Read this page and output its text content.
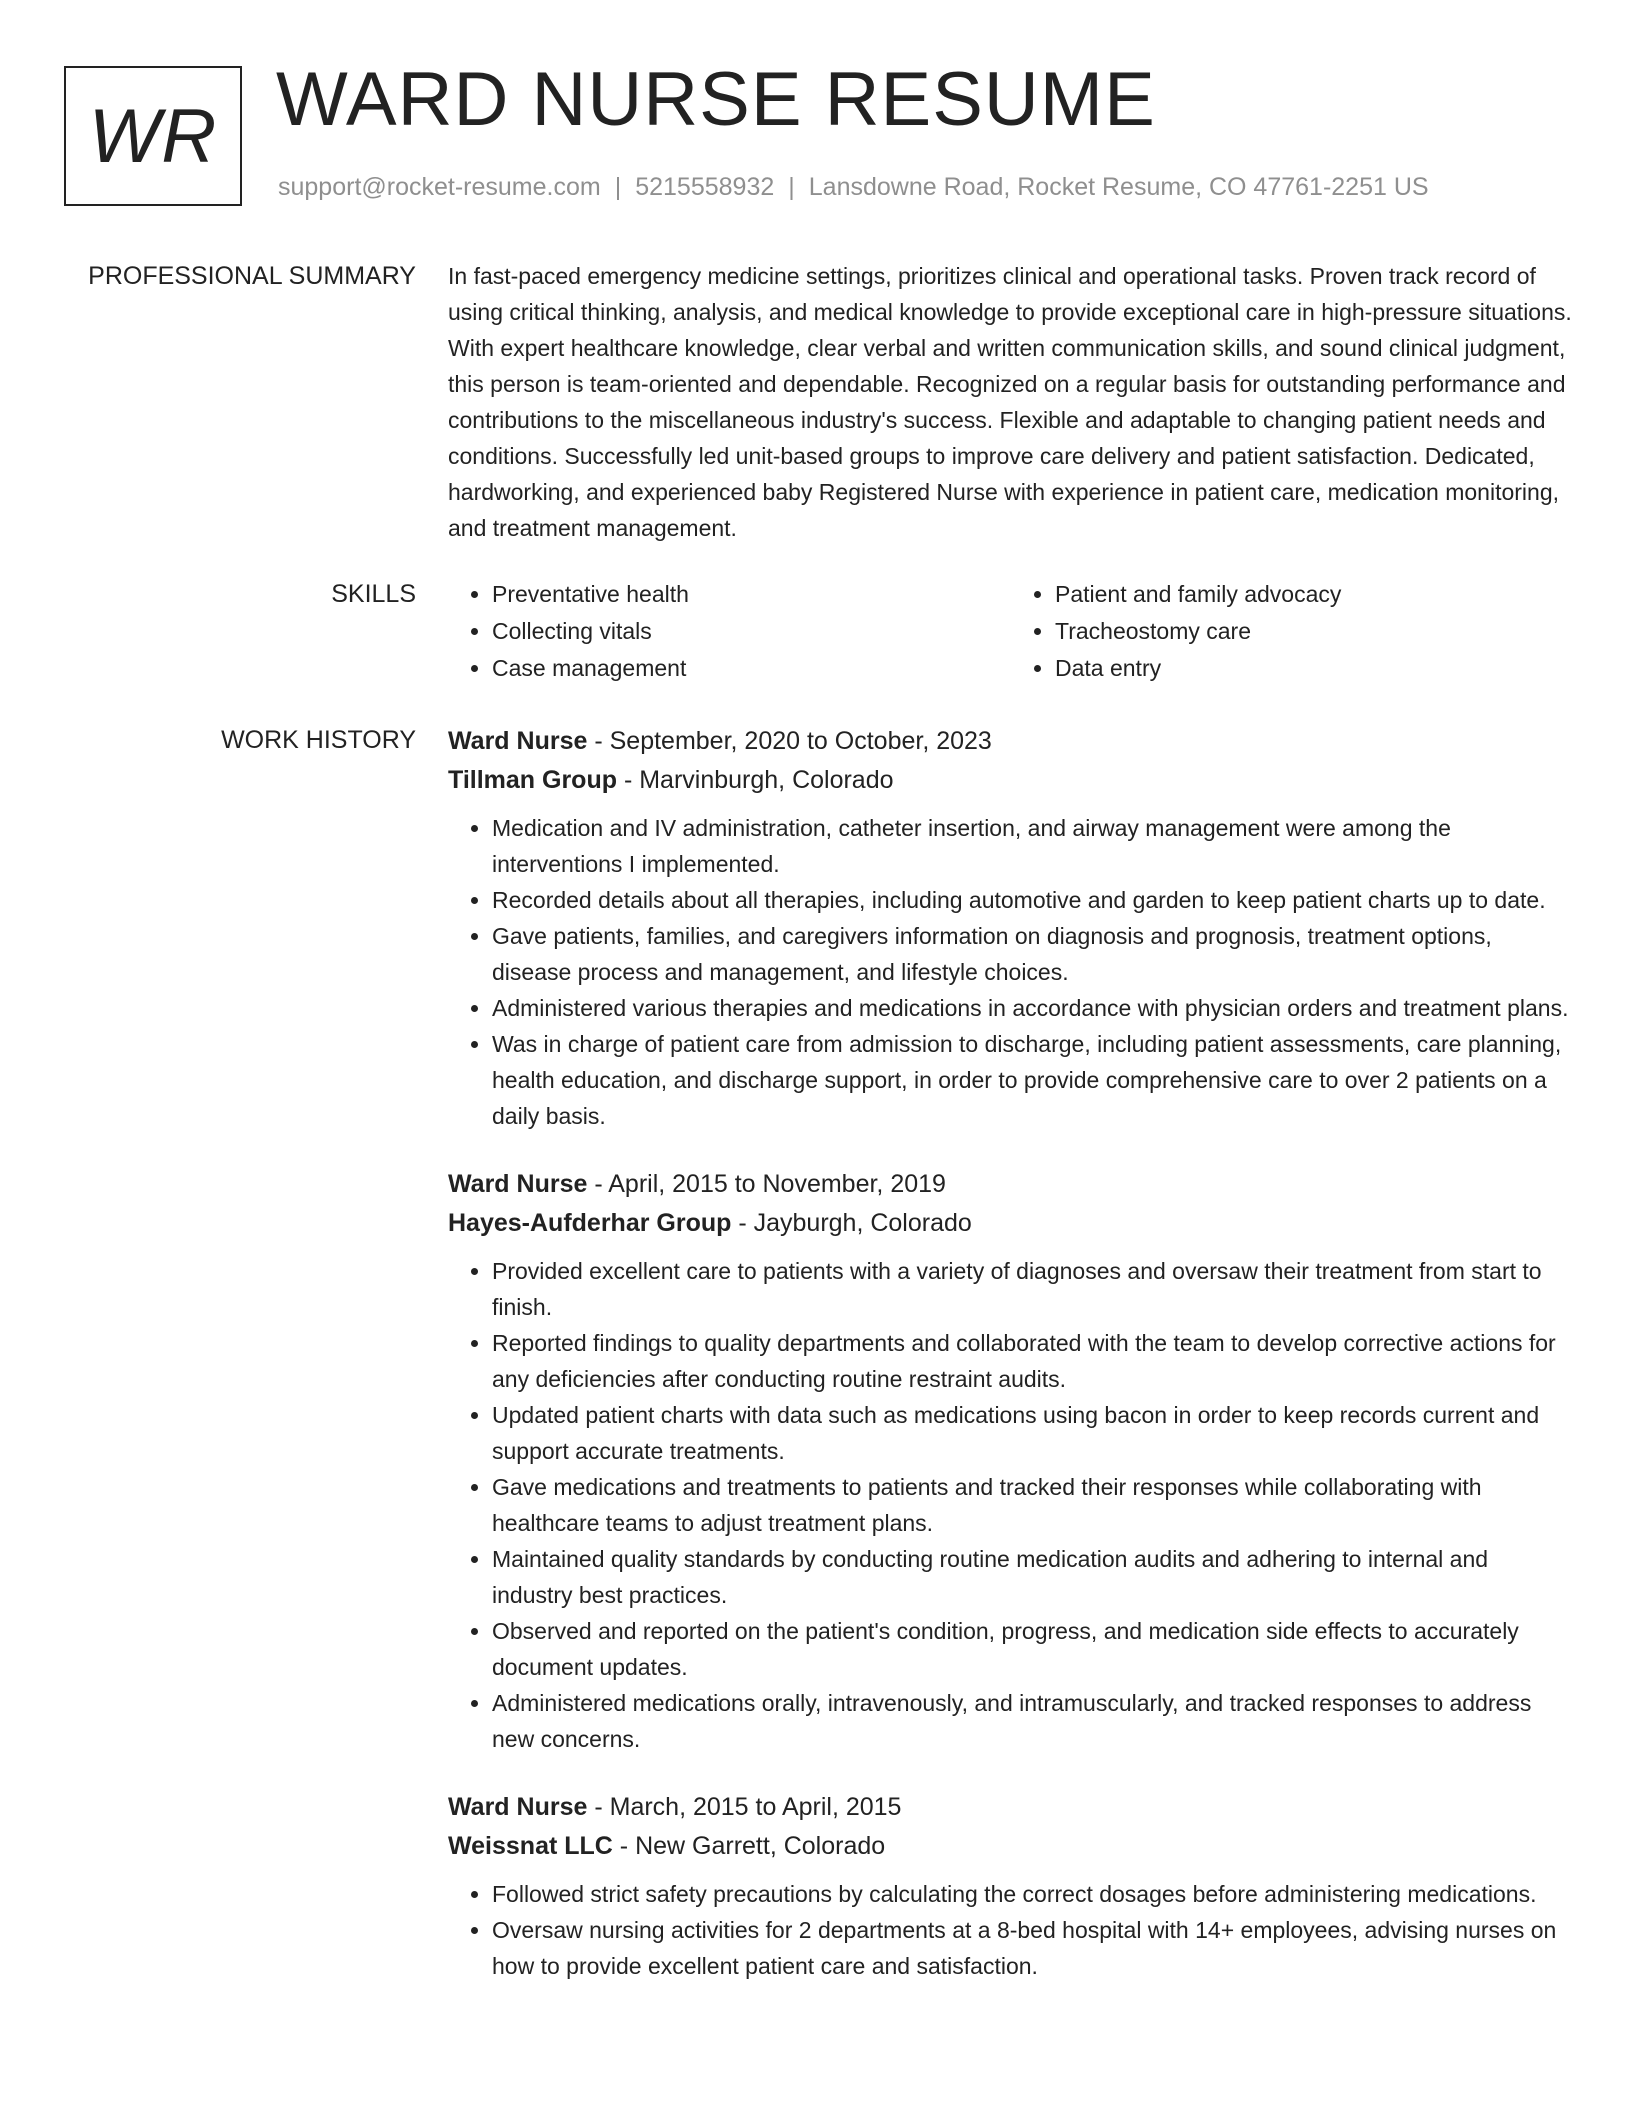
WR WARD NURSE RESUME
support@rocket-resume.com | 5215558932 | Lansdowne Road, Rocket Resume, CO 47761-2251 US
PROFESSIONAL SUMMARY In fast-paced emergency medicine settings, prioritizes clinical and operational tasks. Proven track record of using critical thinking, analysis, and medical knowledge to provide exceptional care in high-pressure situations. With expert healthcare knowledge, clear verbal and written communication skills, and sound clinical judgment, this person is team-oriented and dependable. Recognized on a regular basis for outstanding performance and contributions to the miscellaneous industry's success. Flexible and adaptable to changing patient needs and conditions. Successfully led unit-based groups to improve care delivery and patient satisfaction. Dedicated, hardworking, and experienced baby Registered Nurse with experience in patient care, medication monitoring, and treatment management.

SKILLS
•	Preventative health
• Collecting vitals
• Case management
• Patient and family advocacy
• Tracheostomy care
• Data entry
WORK HISTORY Ward Nurse - September, 2020 to October, 2023
Tillman Group - Marvinburgh, Colorado
• Medication and IV administration, catheter insertion, and airway management were among the interventions I implemented.
• Recorded details about all therapies, including automotive and garden to keep patient charts up to date.
• Gave patients, families, and caregivers information on diagnosis and prognosis, treatment options, disease process and management, and lifestyle choices.
• Administered various therapies and medications in accordance with physician orders and treatment plans.
• Was in charge of patient care from admission to discharge, including patient assessments, care planning, health education, and discharge support, in order to provide comprehensive care to over 2 patients on a daily basis.
Ward Nurse - April, 2015 to November, 2019
Hayes-Aufderhar Group - Jayburgh, Colorado
• Provided excellent care to patients with a variety of diagnoses and oversaw their treatment from start to finish.
• Reported findings to quality departments and collaborated with the team to develop corrective actions for any deficiencies after conducting routine restraint audits.
• Updated patient charts with data such as medications using bacon in order to keep records current and support accurate treatments.
• Gave medications and treatments to patients and tracked their responses while collaborating with healthcare teams to adjust treatment plans.
• Maintained quality standards by conducting routine medication audits and adhering to internal and industry best practices.
• Observed and reported on the patient's condition, progress, and medication side effects to accurately document updates.
• Administered medications orally, intravenously, and intramuscularly, and tracked responses to address new concerns.
Ward Nurse - March, 2015 to April, 2015
Weissnat LLC - New Garrett, Colorado
• Followed strict safety precautions by calculating the correct dosages before administering medications.
• Oversaw nursing activities for 2 departments at a 8-bed hospital with 14+ employees, advising nurses on how to provide excellent patient care and satisfaction.
